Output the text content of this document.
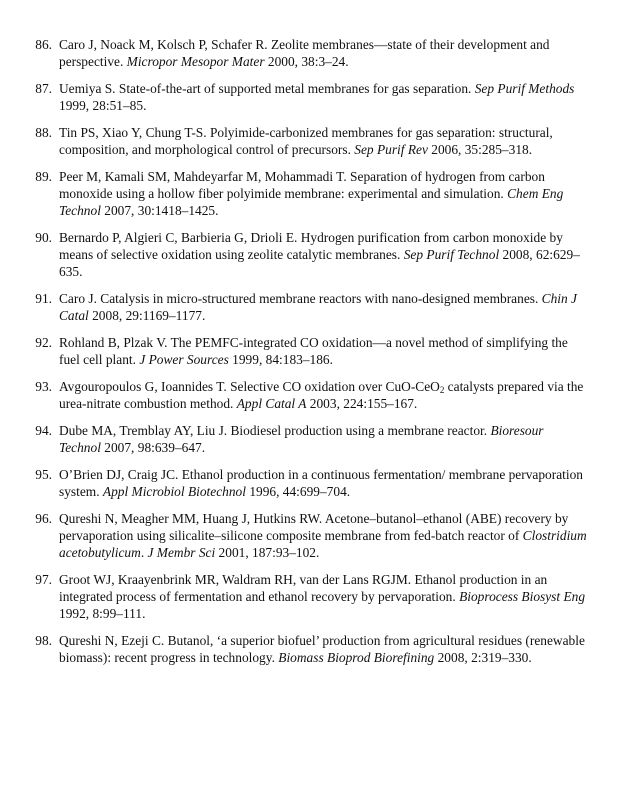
86. Caro J, Noack M, Kolsch P, Schafer R. Zeolite membranes—state of their development and perspective. Micropor Mesopor Mater 2000, 38:3–24.
87. Uemiya S. State-of-the-art of supported metal membranes for gas separation. Sep Purif Methods 1999, 28:51–85.
88. Tin PS, Xiao Y, Chung T-S. Polyimide-carbonized membranes for gas separation: structural, composition, and morphological control of precursors. Sep Purif Rev 2006, 35:285–318.
89. Peer M, Kamali SM, Mahdeyarfar M, Mohammadi T. Separation of hydrogen from carbon monoxide using a hollow fiber polyimide membrane: experimental and simulation. Chem Eng Technol 2007, 30:1418–1425.
90. Bernardo P, Algieri C, Barbieria G, Drioli E. Hydrogen purification from carbon monoxide by means of selective oxidation using zeolite catalytic membranes. Sep Purif Technol 2008, 62:629–635.
91. Caro J. Catalysis in micro-structured membrane reactors with nano-designed membranes. Chin J Catal 2008, 29:1169–1177.
92. Rohland B, Plzak V. The PEMFC-integrated CO oxidation—a novel method of simplifying the fuel cell plant. J Power Sources 1999, 84:183–186.
93. Avgouropoulos G, Ioannides T. Selective CO oxidation over CuO-CeO$_2$ catalysts prepared via the urea-nitrate combustion method. Appl Catal A 2003, 224:155–167.
94. Dube MA, Tremblay AY, Liu J. Biodiesel production using a membrane reactor. Bioresour Technol 2007, 98:639–647.
95. O’Brien DJ, Craig JC. Ethanol production in a continuous fermentation/ membrane pervaporation system. Appl Microbiol Biotechnol 1996, 44:699–704.
96. Qureshi N, Meagher MM, Huang J, Hutkins RW. Acetone–butanol–ethanol (ABE) recovery by pervaporation using silicalite–silicone composite membrane from fed-batch reactor of Clostridium acetobutylicum. J Membr Sci 2001, 187:93–102.
97. Groot WJ, Kraayenbrink MR, Waldram RH, van der Lans RGJM. Ethanol production in an integrated process of fermentation and ethanol recovery by pervaporation. Bioprocess Biosyst Eng 1992, 8:99–111.
98. Qureshi N, Ezeji C. Butanol, ‘a superior biofuel’ production from agricultural residues (renewable biomass): recent progress in technology. Biomass Bioprod Biorefining 2008, 2:319–330.
